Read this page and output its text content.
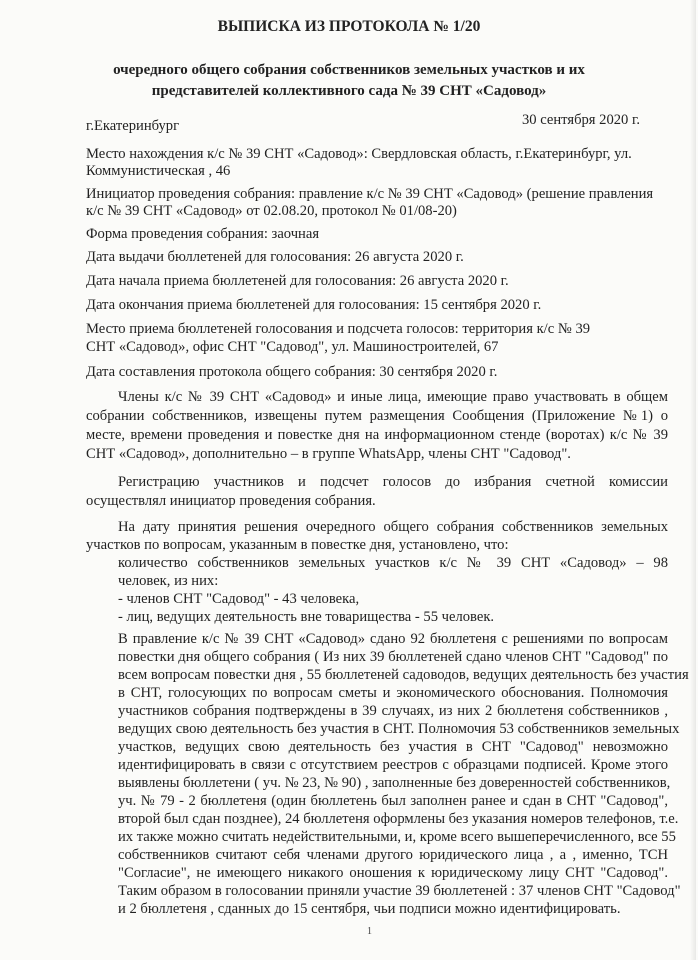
ВЫПИСКА ИЗ ПРОТОКОЛА № 1/20
очередного общего собрания собственников земельных участков и их
представителей коллективного сада № 39 СНТ «Садовод»
г.Екатеринбург	30 сентября 2020 г.
Место нахождения к/с № 39 СНТ «Садовод»: Свердловская область, г.Екатеринбург, ул.
Коммунистическая , 46
Инициатор проведения собрания: правление к/с № 39 СНТ «Садовод» (решение правления
к/с № 39 СНТ «Садовод» от 02.08.20, протокол № 01/08-20)
Форма проведения собрания: заочная
Дата выдачи бюллетеней для голосования: 26 августа 2020 г.
Дата начала приема бюллетеней для голосования: 26 августа 2020 г.
Дата окончания приема бюллетеней для голосования: 15 сентября 2020 г.
Место приема бюллетеней голосования и подсчета голосов: территория к/с № 39
СНТ «Садовод», офис СНТ "Садовод", ул. Машиностроителей, 67
Дата составления протокола общего собрания: 30 сентября 2020 г.
Члены к/с № 39 СНТ «Садовод» и иные лица, имеющие право участвовать в общем
собрании собственников, извещены путем размещения Сообщения (Приложение №1) о
месте, времени проведения и повестке дня на информационном стенде (воротах) к/с № 39
СНТ «Садовод», дополнительно – в группе WhatsApp, члены СНТ "Садовод".
Регистрацию участников и подсчет голосов до избрания счетной комиссии
осуществлял инициатор проведения собрания.
На дату принятия решения очередного общего собрания собственников земельных
участков по вопросам, указанным в повестке дня, установлено, что:
количество собственников земельных участков к/с № 39 СНТ «Садовод» – 98
человек, из них:
- членов СНТ "Садовод" - 43 человека,
- лиц, ведущих деятельность вне товарищества - 55 человек.
В правление к/с № 39 СНТ «Садовод» сдано 92 бюллетеня с решениями по вопросам
повестки дня общего собрания ( Из них 39 бюллетеней сдано членов СНТ "Садовод" по
всем вопросам повестки дня , 55 бюллетеней садоводов, ведущих деятельность без участия
в СНТ, голосующих по вопросам сметы и экономического обоснования. Полномочия
участников собрания подтверждены в 39 случаях, из них 2 бюллетеня собственников ,
ведущих свою деятельность без участия в СНТ. Полномочия 53 собственников земельных
участков, ведущих свою деятельность без участия в СНТ "Садовод" невозможно
идентифицировать в связи с отсутствием реестров с образцами подписей. Кроме этого
выявлены бюллетени ( уч. № 23, № 90) , заполненные без доверенностей собственников,
уч. № 79 - 2 бюллетеня (один бюллетень был заполнен ранее и сдан в СНТ "Садовод",
второй был сдан позднее), 24 бюллетеня оформлены без указания номеров телефонов, т.е.
их также можно считать недействительными, и, кроме всего вышеперечисленного, все 55
собственников считают себя членами другого юридического лица , а , именно, ТСН
"Согласие", не имеющего никакого оношения к юридическому лицу СНТ "Садовод".
Таким образом в голосовании приняли участие 39 бюллетеней : 37 членов СНТ "Садовод"
и 2 бюллетеня , сданных до 15 сентября, чьи подписи можно идентифицировать.
1
